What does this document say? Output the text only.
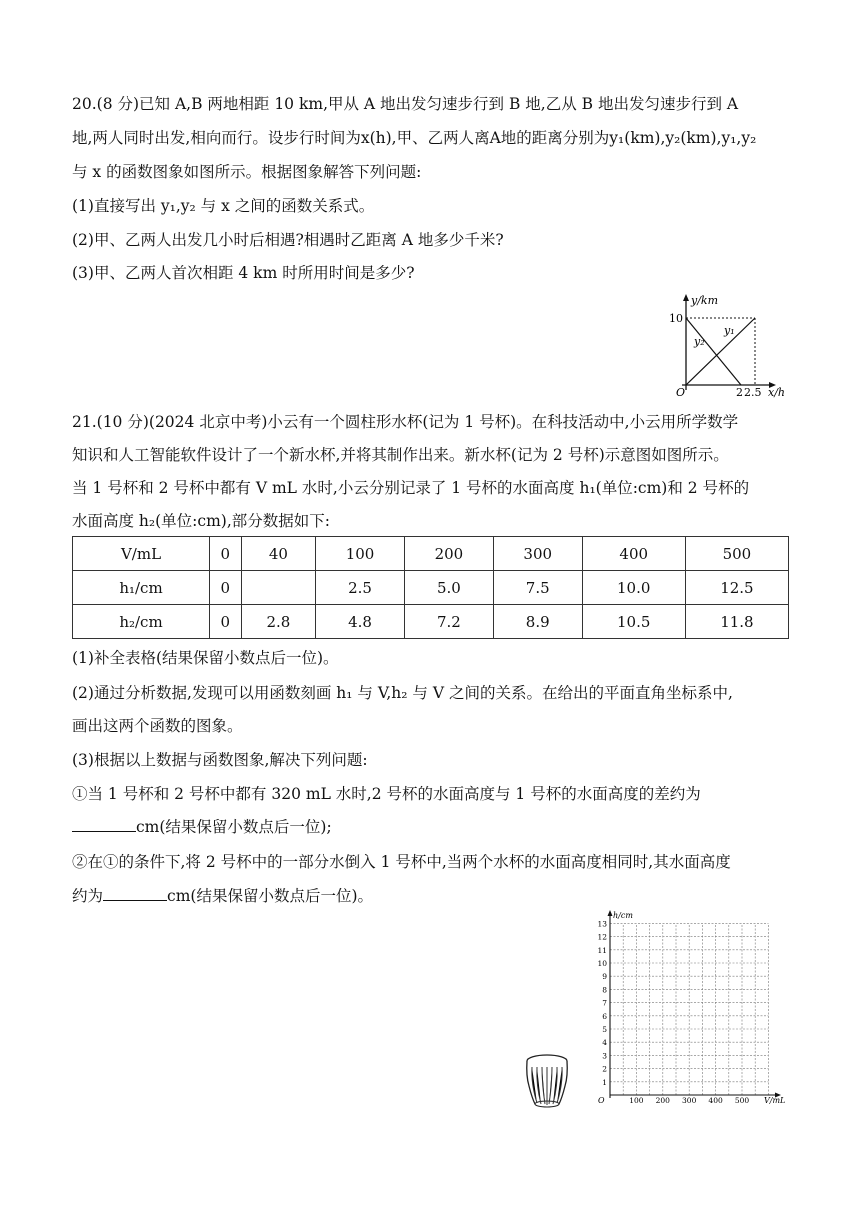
20.(8 分)已知 A,B 两地相距 10 km,甲从 A 地出发匀速步行到 B 地,乙从 B 地出发匀速步行到 A
地,两人同时出发,相向而行。设步行时间为x(h),甲、乙两人离A地的距离分别为y₁(km),y₂(km),y₁,y₂
与 x 的函数图象如图所示。根据图象解答下列问题:
(1)直接写出 y₁,y₂ 与 x 之间的函数关系式。
(2)甲、乙两人出发几小时后相遇?相遇时乙距离 A 地多少千米?
(3)甲、乙两人首次相距 4 km 时所用时间是多少?
y/km
10
y₁
y₂
O	2 2.5 x/h
21.(10 分)(2024 北京中考)小云有一个圆柱形水杯(记为 1 号杯)。在科技活动中,小云用所学数学
知识和人工智能软件设计了一个新水杯,并将其制作出来。新水杯(记为 2 号杯)示意图如图所示。
当 1 号杯和 2 号杯中都有 V mL 水时,小云分别记录了 1 号杯的水面高度 h₁(单位:cm)和 2 号杯的
水面高度 h₂(单位:cm),部分数据如下:
V/mL	0	40	100	200	300	400	500
h₁/cm	0		2.5	5.0	7.5	10.0	12.5
h₂/cm	0	2.8	4.8	7.2	8.9	10.5	11.8
(1)补全表格(结果保留小数点后一位)。
(2)通过分析数据,发现可以用函数刻画 h₁ 与 V,h₂ 与 V 之间的关系。在给出的平面直角坐标系中,
画出这两个函数的图象。
(3)根据以上数据与函数图象,解决下列问题:
①当 1 号杯和 2 号杯中都有 320 mL 水时,2 号杯的水面高度与 1 号杯的水面高度的差约为
cm(结果保留小数点后一位);
②在①的条件下,将 2 号杯中的一部分水倒入 1 号杯中,当两个水杯的水面高度相同时,其水面高度
约为	cm(结果保留小数点后一位)。
1
2
3
4
5
6
7
8
9
10
11
12
13
100 200 300 400 500
h/cm
O	V/mL
